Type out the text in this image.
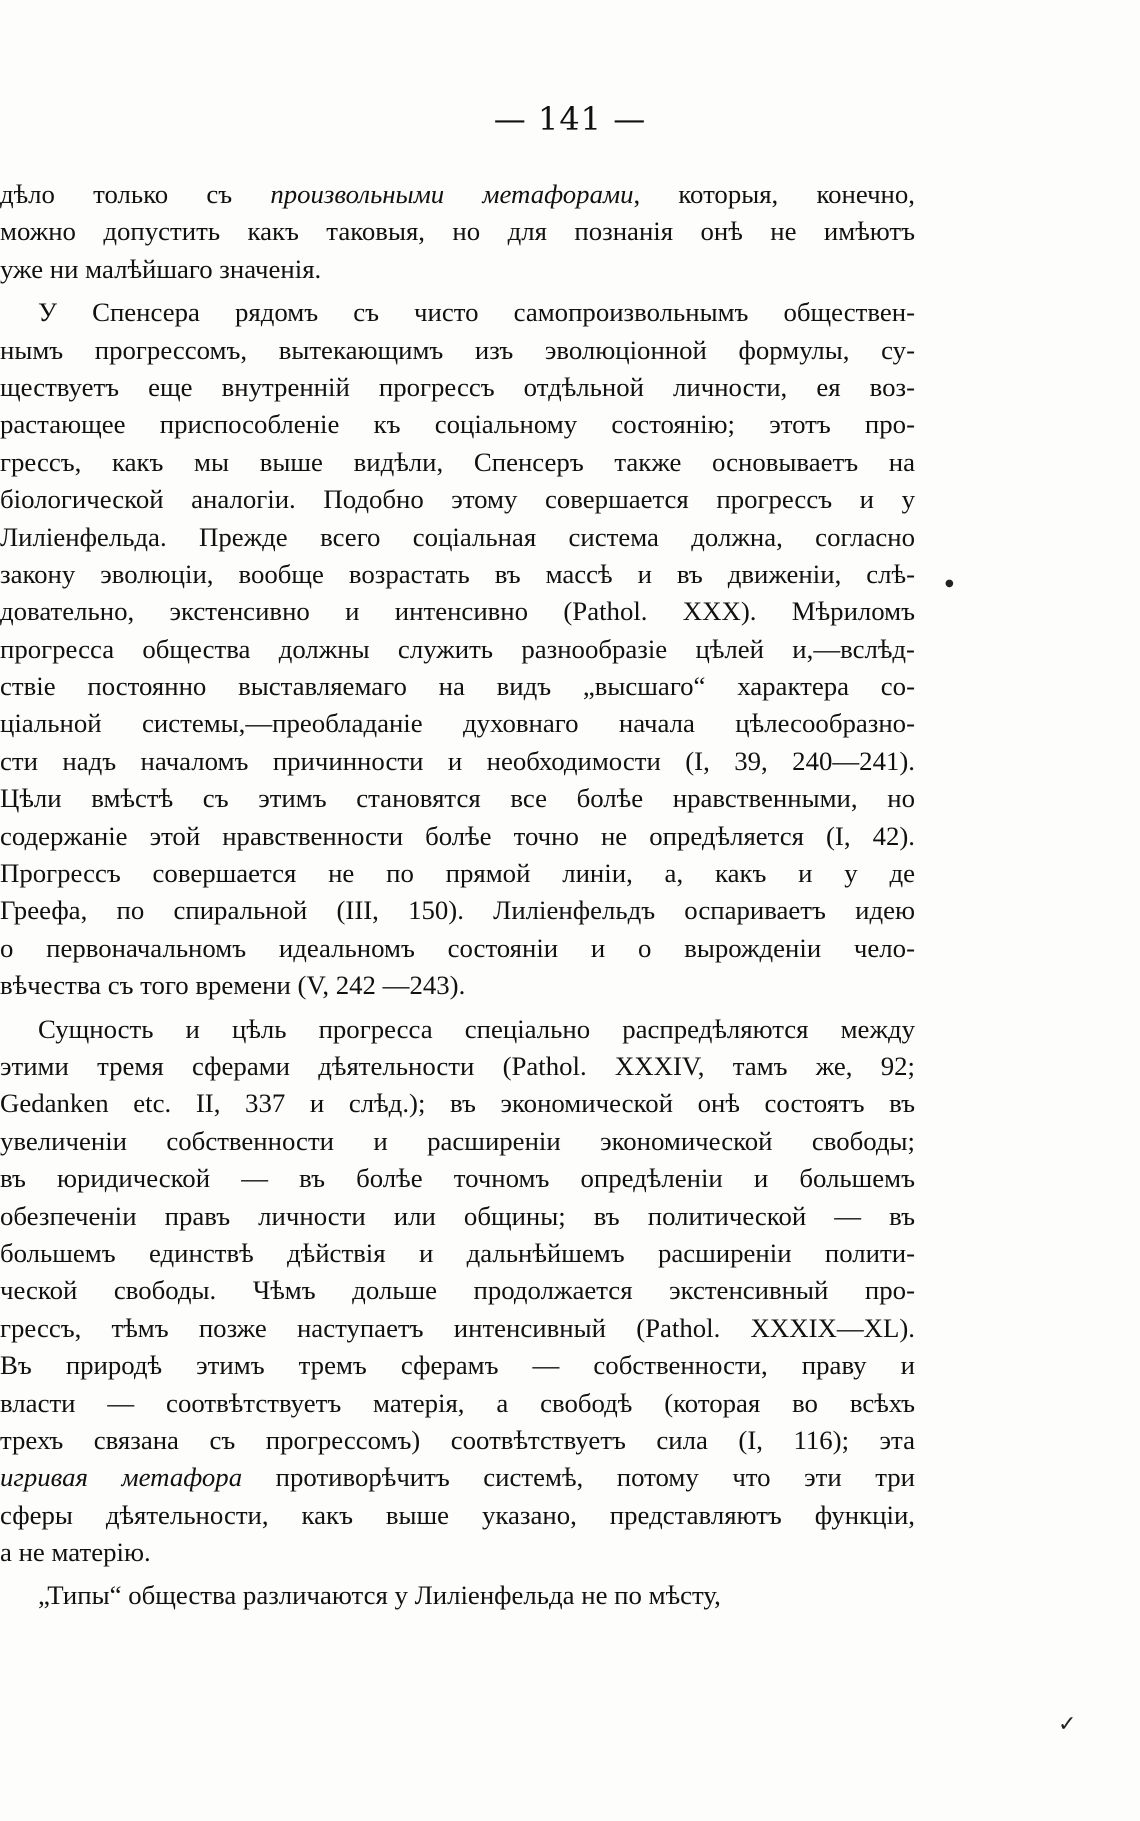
— 141 —
дѣло только съ произвольными метафорами, которыя, конечно,
можно допустить какъ таковыя, но для познанія онѣ не имѣютъ
уже ни малѣйшаго значенія.
У Спенсера рядомъ съ чисто самопроизвольнымъ обществен-
нымъ прогрессомъ, вытекающимъ изъ эволюціонной формулы, су-
ществуетъ еще внутренній прогрессъ отдѣльной личности, ея воз-
растающее приспособленіе къ соціальному состоянію; этотъ про-
грессъ, какъ мы выше видѣли, Спенсеръ также основываетъ на
біологической аналогіи. Подобно этому совершается прогрессъ и у
Лиліенфельда. Прежде всего соціальная система должна, согласно
закону эволюціи, вообще возрастать въ массѣ и въ движеніи, слѣ-
довательно, экстенсивно и интенсивно (Pathol. XXX). Мѣриломъ
прогресса общества должны служить разнообразіе цѣлей и,—вслѣд-
ствіе постоянно выставляемаго на видъ „высшаго“ характера со-
ціальной системы,—преобладаніе духовнаго начала цѣлесообразно-
сти надъ началомъ причинности и необходимости (I, 39, 240—241).
Цѣли вмѣстѣ съ этимъ становятся все болѣе нравственными, но
содержаніе этой нравственности болѣе точно не опредѣляется (I, 42).
Прогрессъ совершается не по прямой линіи, а, какъ и у де
Греефа, по спиральной (III, 150). Лиліенфельдъ оспариваетъ идею
о первоначальномъ идеальномъ состояніи и о вырожденіи чело-
вѣчества съ того времени (V, 242 —243).
Сущность и цѣль прогресса спеціально распредѣляются между
этими тремя сферами дѣятельности (Pathol. XXXIV, тамъ же, 92;
Gedanken etc. II, 337 и слѣд.); въ экономической онѣ состоятъ въ
увеличеніи собственности и расширеніи экономической свободы;
въ юридической — въ болѣе точномъ опредѣленіи и большемъ
обезпеченіи правъ личности или общины; въ политической — въ
большемъ единствѣ дѣйствія и дальнѣйшемъ расширеніи полити-
ческой свободы. Чѣмъ дольше продолжается экстенсивный про-
грессъ, тѣмъ позже наступаетъ интенсивный (Pathol. XXXIX—XL).
Въ природѣ этимъ тремъ сферамъ — собственности, праву и
власти — соотвѣтствуетъ матерія, а свободѣ (которая во всѣхъ
трехъ связана съ прогрессомъ) соотвѣтствуетъ сила (I, 116); эта
игривая метафора противорѣчитъ системѣ, потому что эти три
сферы дѣятельности, какъ выше указано, представляютъ функціи,
а не матерію.
„Типы“ общества различаются у Лиліенфельда не по мѣсту,
✓
●
